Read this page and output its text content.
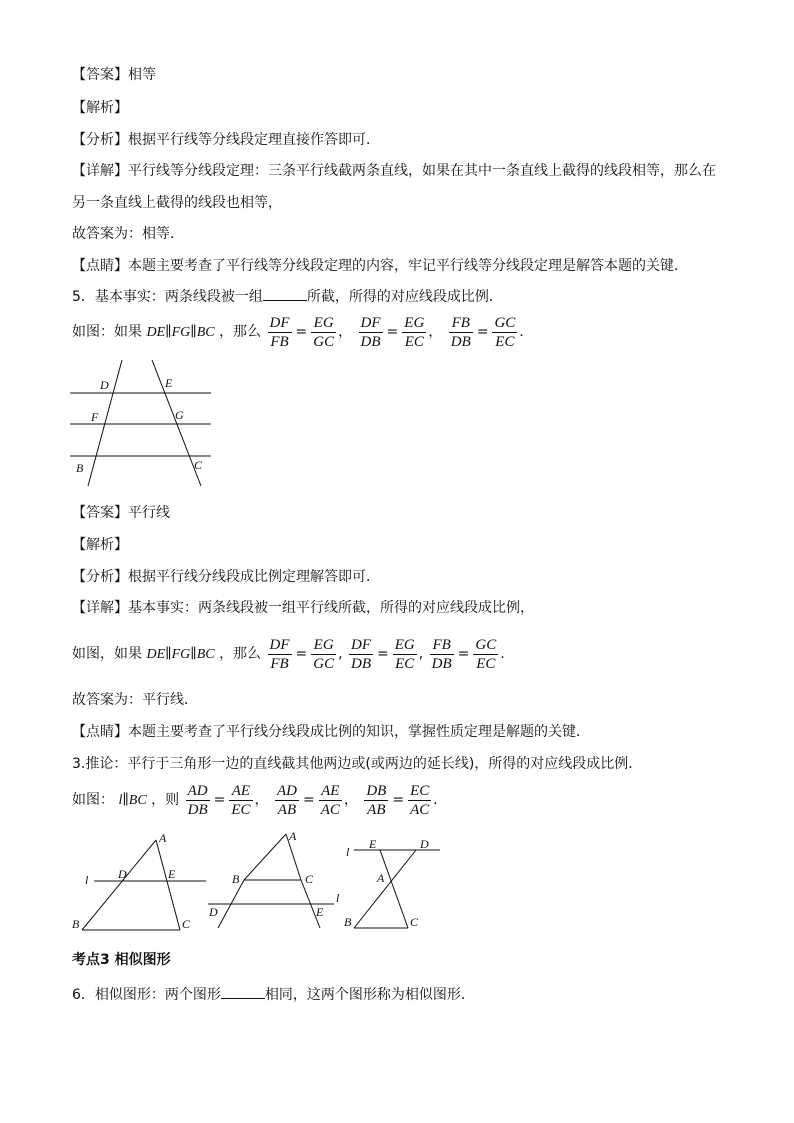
【答案】相等
【解析】
【分析】根据平行线等分线段定理直接作答即可．
【详解】平行线等分线段定理：三条平行线截两条直线，如果在其中一条直线上截得的线段相等，那么在
另一条直线上截得的线段也相等，
故答案为：相等．
【点睛】本题主要考查了平行线等分线段定理的内容，牢记平行线等分线段定理是解答本题的关键．
5．基本事实：两条线段被一组	所截，所得的对应线段成比例．
如图：如果 DE∥FG∥BC ，那么 $\frac{DF}{FB} = \frac{EG}{GC}$ ， $\frac{DF}{DB} = \frac{EG}{EC}$ ， $\frac{FB}{DB} = \frac{GC}{EC}$ ．
D	E
F	G
B	C
【答案】平行线
【解析】
【分析】根据平行线分线段成比例定理解答即可．
【详解】基本事实：两条线段被一组平行线所截，所得的对应线段成比例，
如图，如果 DE∥FG∥BC ，那么 $\frac{DF}{FB} = \frac{EG}{GC}$ , $\frac{DF}{DB} = \frac{EG}{EC}$ , $\frac{FB}{DB} = \frac{GC}{EC}$ .
故答案为：平行线．
【点睛】本题主要考查了平行线分线段成比例的知识，掌握性质定理是解题的关键．
3.推论：平行于三角形一边的直线截其他两边或(或两边的延长线)，所得的对应线段成比例．
如图： l∥BC ，则 $\frac{AD}{DB} = \frac{AE}{EC}$ ， $\frac{AD}{AB} = \frac{AE}{AC}$ ， $\frac{DB}{AB} = \frac{EC}{AC}$ ．
A
l D	E
B	C
A
B	C
l
D	E
l
E	D
A
B	C
考点3 相似图形
6．相似图形：两个图形	相同，这两个图形称为相似图形．
